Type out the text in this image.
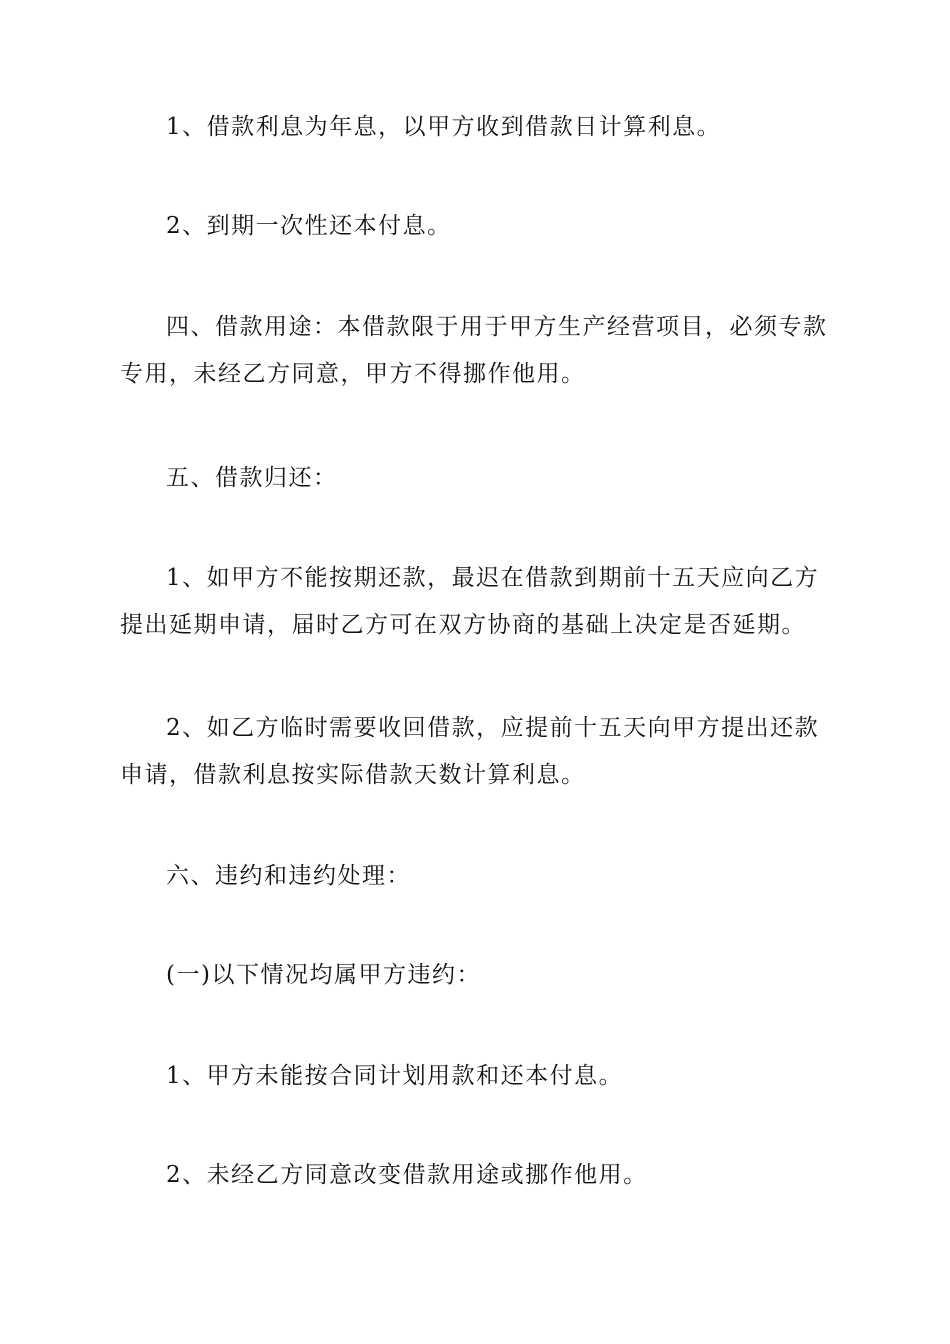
1、借款利息为年息，以甲方收到借款日计算利息。

2、到期一次性还本付息。

四、借款用途：本借款限于用于甲方生产经营项目，必须专款专用，未经乙方同意，甲方不得挪作他用。

五、借款归还：

1、如甲方不能按期还款，最迟在借款到期前十五天应向乙方提出延期申请，届时乙方可在双方协商的基础上决定是否延期。

2、如乙方临时需要收回借款，应提前十五天向甲方提出还款申请，借款利息按实际借款天数计算利息。

六、违约和违约处理：

(一)以下情况均属甲方违约：

1、甲方未能按合同计划用款和还本付息。

2、未经乙方同意改变借款用途或挪作他用。
